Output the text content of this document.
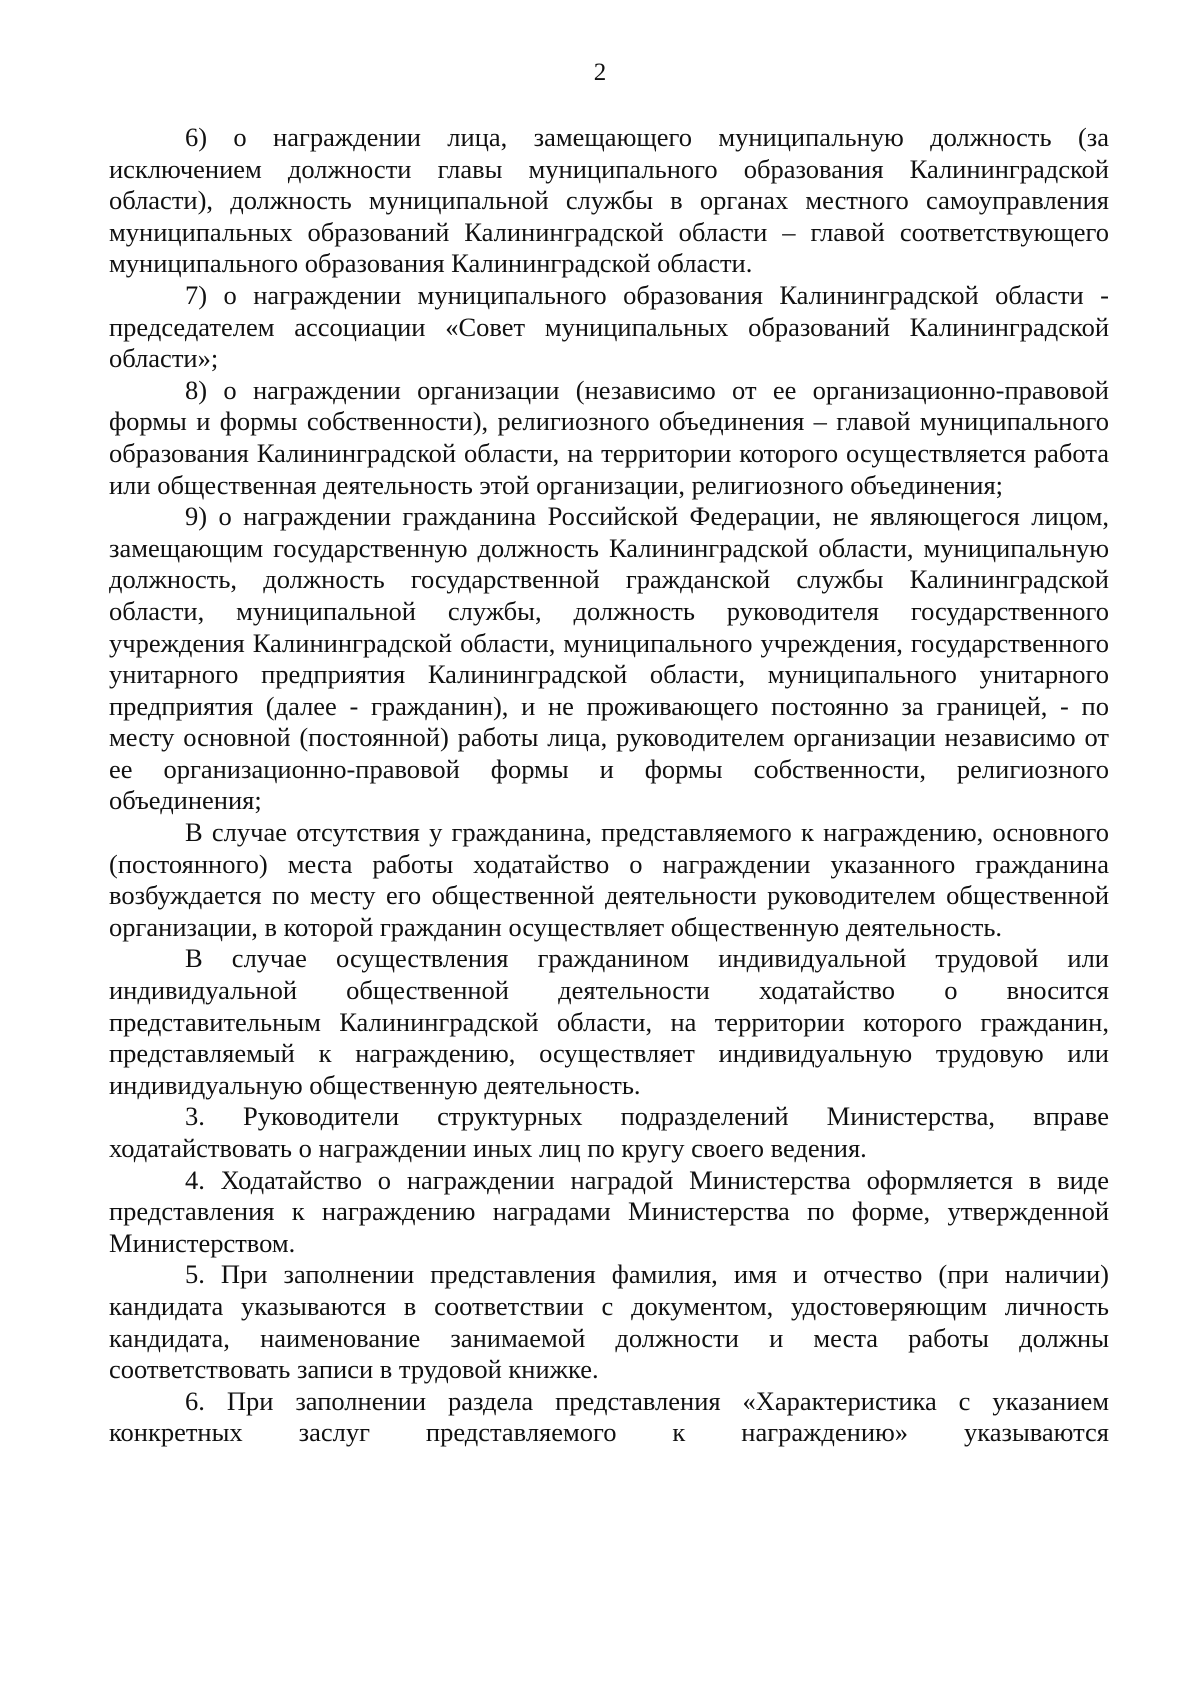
2

6) о награждении лица, замещающего муниципальную должность (за исключением должности главы муниципального образования Калининградской области), должность муниципальной службы в органах местного самоуправления муниципальных образований Калининградской области – главой соответствующего муниципального образования Калининградской области.

7) о награждении муниципального образования Калининградской области - председателем ассоциации «Совет муниципальных образований Калининградской области»;

8) о награждении организации (независимо от ее организационно-правовой формы и формы собственности), религиозного объединения – главой муниципального образования Калининградской области, на территории которого осуществляется работа или общественная деятельность этой организации, религиозного объединения;

9) о награждении гражданина Российской Федерации, не являющегося лицом, замещающим государственную должность Калининградской области, муниципальную должность, должность государственной гражданской службы Калининградской области, муниципальной службы, должность руководителя государственного учреждения Калининградской области, муниципального учреждения, государственного унитарного предприятия Калининградской области, муниципального унитарного предприятия (далее - гражданин), и не проживающего постоянно за границей, - по месту основной (постоянной) работы лица, руководителем организации независимо от ее организационно-правовой формы и формы собственности, религиозного объединения;

В случае отсутствия у гражданина, представляемого к награждению, основного (постоянного) места работы ходатайство о награждении указанного гражданина возбуждается по месту его общественной деятельности руководителем общественной организации, в которой гражданин осуществляет общественную деятельность.

В случае осуществления гражданином индивидуальной трудовой или индивидуальной общественной деятельности ходатайство о вносится представительным Калининградской области, на территории которого гражданин, представляемый к награждению, осуществляет индивидуальную трудовую или индивидуальную общественную деятельность.

3. Руководители структурных подразделений Министерства, вправе ходатайствовать о награждении иных лиц по кругу своего ведения.

4. Ходатайство о награждении наградой Министерства оформляется в виде представления к награждению наградами Министерства по форме, утвержденной Министерством.

5. При заполнении представления фамилия, имя и отчество (при наличии) кандидата указываются в соответствии с документом, удостоверяющим личность кандидата, наименование занимаемой должности и места работы должны соответствовать записи в трудовой книжке.

6. При заполнении раздела представления «Характеристика с указанием конкретных заслуг представляемого к награждению» указываются
